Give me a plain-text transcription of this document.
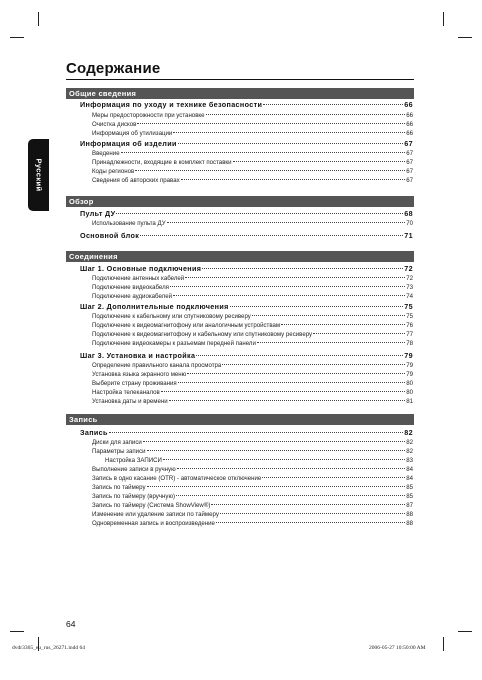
Содержание
Русский
Общие сведения
Информация по уходу и технике безопасности	66
Меры предосторожности при установке	66
Очистка дисков	66
Информация об утилизации	66
Информация об изделии	67
Введение	67
Принадлежности, входящие в комплект поставки	67
Коды регионов	67
Сведения об авторских правах	67
Обзор
Пульт ДУ	68
Использование пульта ДУ	70
Основной блок	71
Соединения
Шаг 1. Основные подключения	72
Подключение антенных кабелей	72
Подключение видеокабеля	73
Подключение аудиокабелей	74
Шаг 2. Дополнительные подключения	75
Подключение к кабельному или спутниковому ресиверу	75
Подключение к видеомагнитофону или аналогичным устройствам	76
Подключение к видеомагнитофону и кабельному или спутниковому ресиверу	77
Подключение видеокамеры к разъемам передней панели	78
Шаг 3. Установка и настройка	79
Определение правильного канала просмотра	79
Установка языка экранного меню	79
Выберите страну проживания	80
Настройка телеканалов	80
Установка даты и времени	81
Запись
Запись	82
Диски для записи	82
Параметры записи	82
Настройка ЗАПИСИ	83
Выполнение записи в ручную	84
Запись в одно касание (OTR) - автоматическое отключение	84
Запись по таймеру	85
Запись по таймеру (вручную)	85
Запись по таймеру (Система ShowView®)	87
Изменение или удаление записи по таймеру	88
Одновременная запись и воспроизведение	88
64
dvdr3365_eu_rus_26271.indd 64	2006-05-27 10:50:00 AM
